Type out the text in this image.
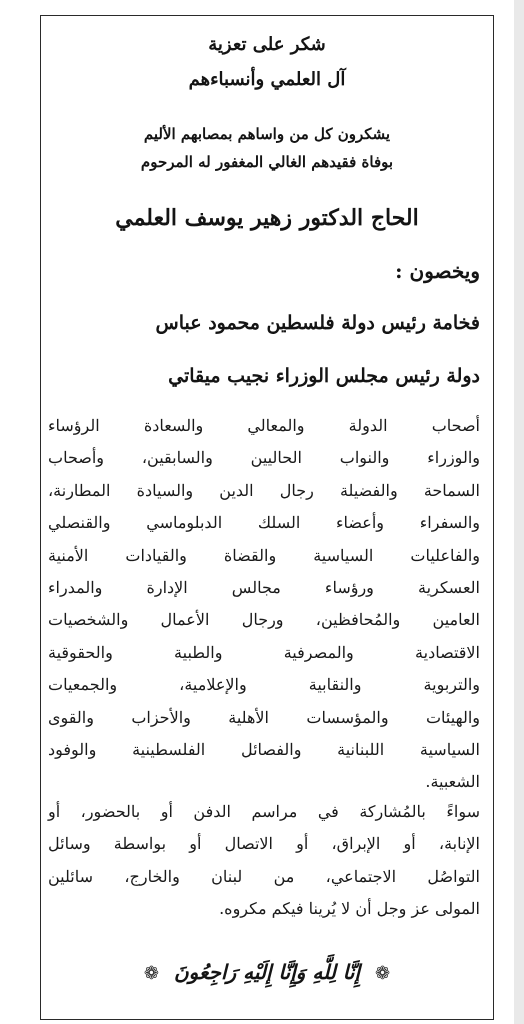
شكر على تعزية
آل العلمي وأنسباءهم
يشكرون كل من واساهم بمصابهم الأليم
بوفاة فقيدهم الغالي المغفور له المرحوم
الحاج الدكتور زهير يوسف العلمي
ويخصون :
فخامة رئيس دولة فلسطين محمود عباس
دولة رئيس مجلس الوزراء نجيب ميقاتي
أصحاب الدولة والمعالي والسعادة الرؤساء
والوزراء والنواب الحاليين والسابقين، وأصحاب
السماحة والفضيلة رجال الدين والسيادة المطارنة،
والسفراء وأعضاء السلك الدبلوماسي والقنصلي
والفاعليات السياسية والقضاة والقيادات الأمنية
العسكرية ورؤساء مجالس الإدارة والمدراء
العامين والمُحافظين، ورجال الأعمال والشخصيات
الاقتصادية والمصرفية والطبية والحقوقية
والتربوية والنقابية والإعلامية، والجمعيات
والهيئات والمؤسسات الأهلية والأحزاب والقوى
السياسية اللبنانية والفصائل الفلسطينية والوفود
الشعبية.
سواءً بالمُشاركة في مراسم الدفن أو بالحضور، أو
الإنابة، أو الإبراق، أو الاتصال أو بواسطة وسائل
التواصُل الاجتماعي، من لبنان والخارج، سائلين
المولى عز وجل أن لا يُرينا فيكم مكروه.
❁ إِنَّا لِلَّهِ وَإِنَّا إِلَيْهِ رَاجِعُونَ ❁
